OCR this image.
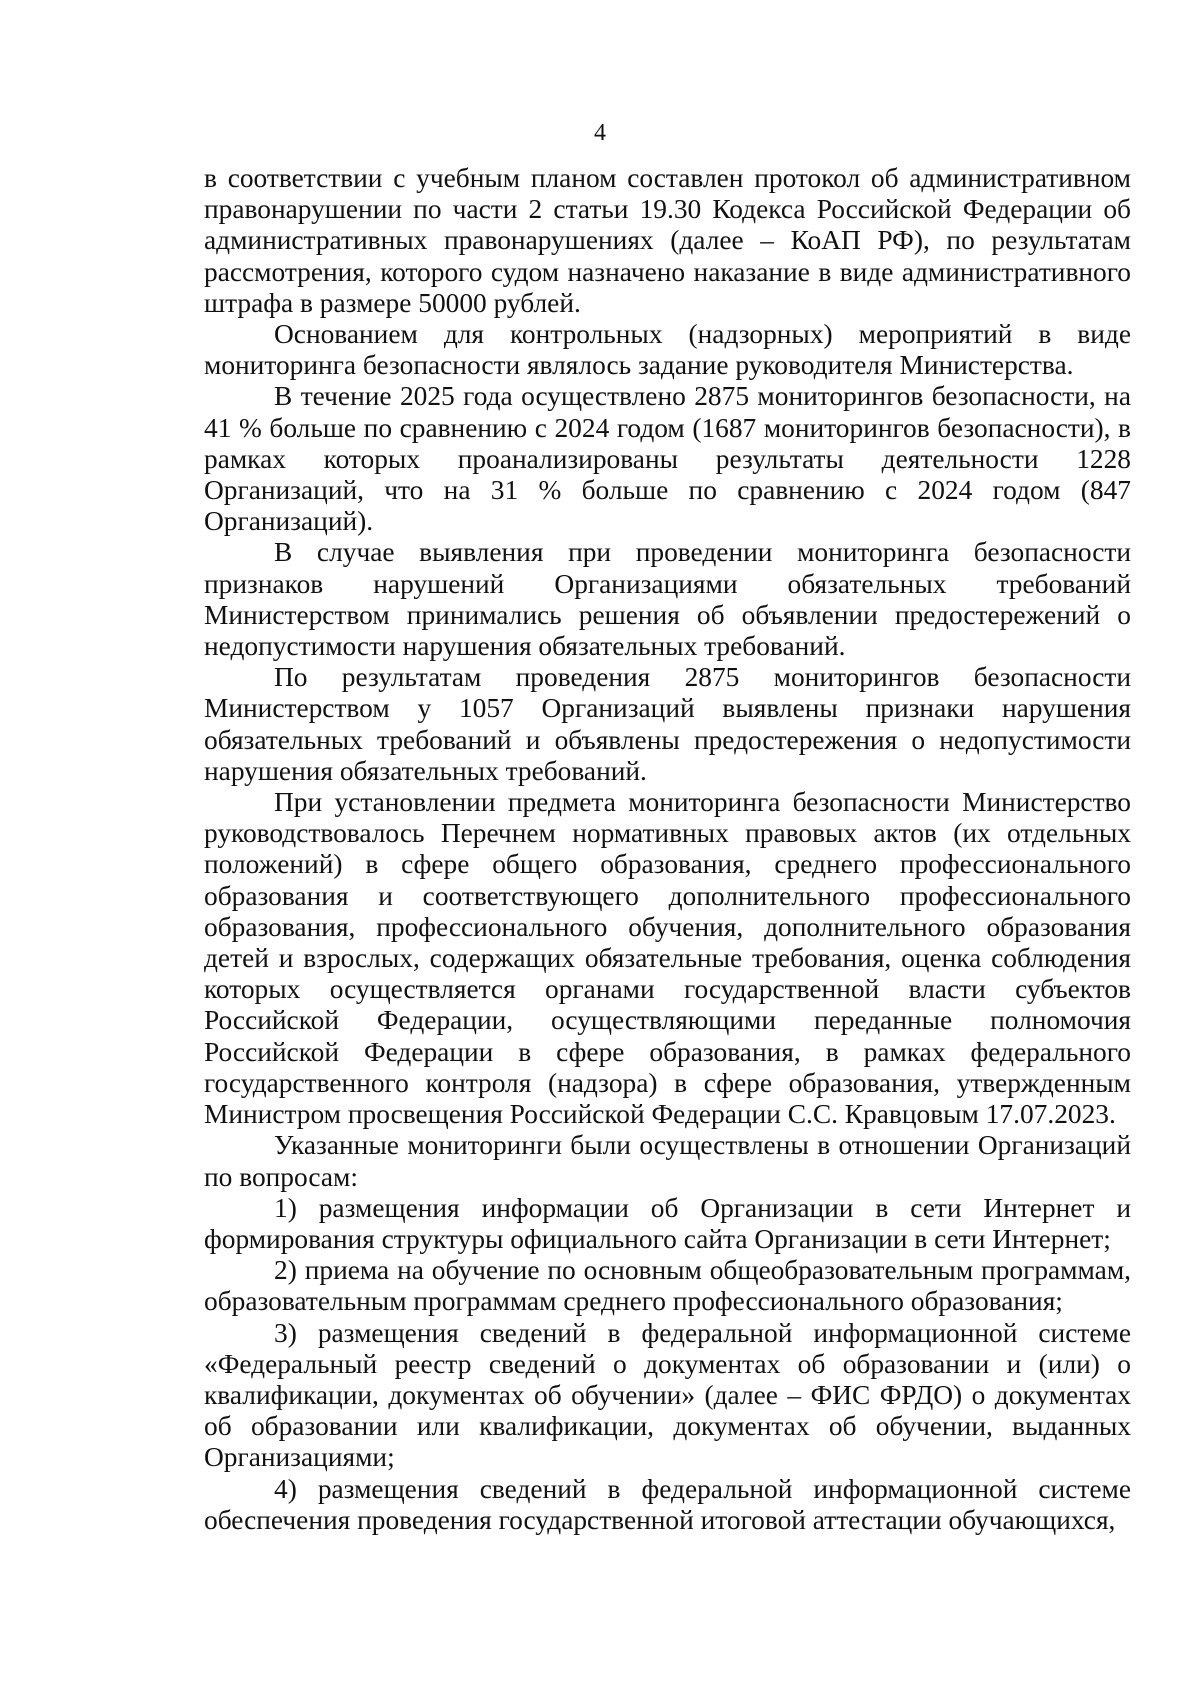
4

в соответствии с учебным планом составлен протокол об административном правонарушении по части 2 статьи 19.30 Кодекса Российской Федерации об административных правонарушениях (далее – КоАП РФ), по результатам рассмотрения, которого судом назначено наказание в виде административного штрафа в размере 50000 рублей.

Основанием для контрольных (надзорных) мероприятий в виде мониторинга безопасности являлось задание руководителя Министерства.

В течение 2025 года осуществлено 2875 мониторингов безопасности, на 41 % больше по сравнению с 2024 годом (1687 мониторингов безопасности), в рамках которых проанализированы результаты деятельности 1228 Организаций, что на 31 % больше по сравнению с 2024 годом (847 Организаций).

В случае выявления при проведении мониторинга безопасности признаков нарушений Организациями обязательных требований Министерством принимались решения об объявлении предостережений о недопустимости нарушения обязательных требований.

По результатам проведения 2875 мониторингов безопасности Министерством у 1057 Организаций выявлены признаки нарушения обязательных требований и объявлены предостережения о недопустимости нарушения обязательных требований.

При установлении предмета мониторинга безопасности Министерство руководствовалось Перечнем нормативных правовых актов (их отдельных положений) в сфере общего образования, среднего профессионального образования и соответствующего дополнительного профессионального образования, профессионального обучения, дополнительного образования детей и взрослых, содержащих обязательные требования, оценка соблюдения которых осуществляется органами государственной власти субъектов Российской Федерации, осуществляющими переданные полномочия Российской Федерации в сфере образования, в рамках федерального государственного контроля (надзора) в сфере образования, утвержденным Министром просвещения Российской Федерации С.С. Кравцовым 17.07.2023.

Указанные мониторинги были осуществлены в отношении Организаций по вопросам:

1) размещения информации об Организации в сети Интернет и формирования структуры официального сайта Организации в сети Интернет;

2) приема на обучение по основным общеобразовательным программам, образовательным программам среднего профессионального образования;

3) размещения сведений в федеральной информационной системе «Федеральный реестр сведений о документах об образовании и (или) о квалификации, документах об обучении» (далее – ФИС ФРДО) о документах об образовании или квалификации, документах об обучении, выданных Организациями;

4) размещения сведений в федеральной информационной системе обеспечения проведения государственной итоговой аттестации обучающихся,
